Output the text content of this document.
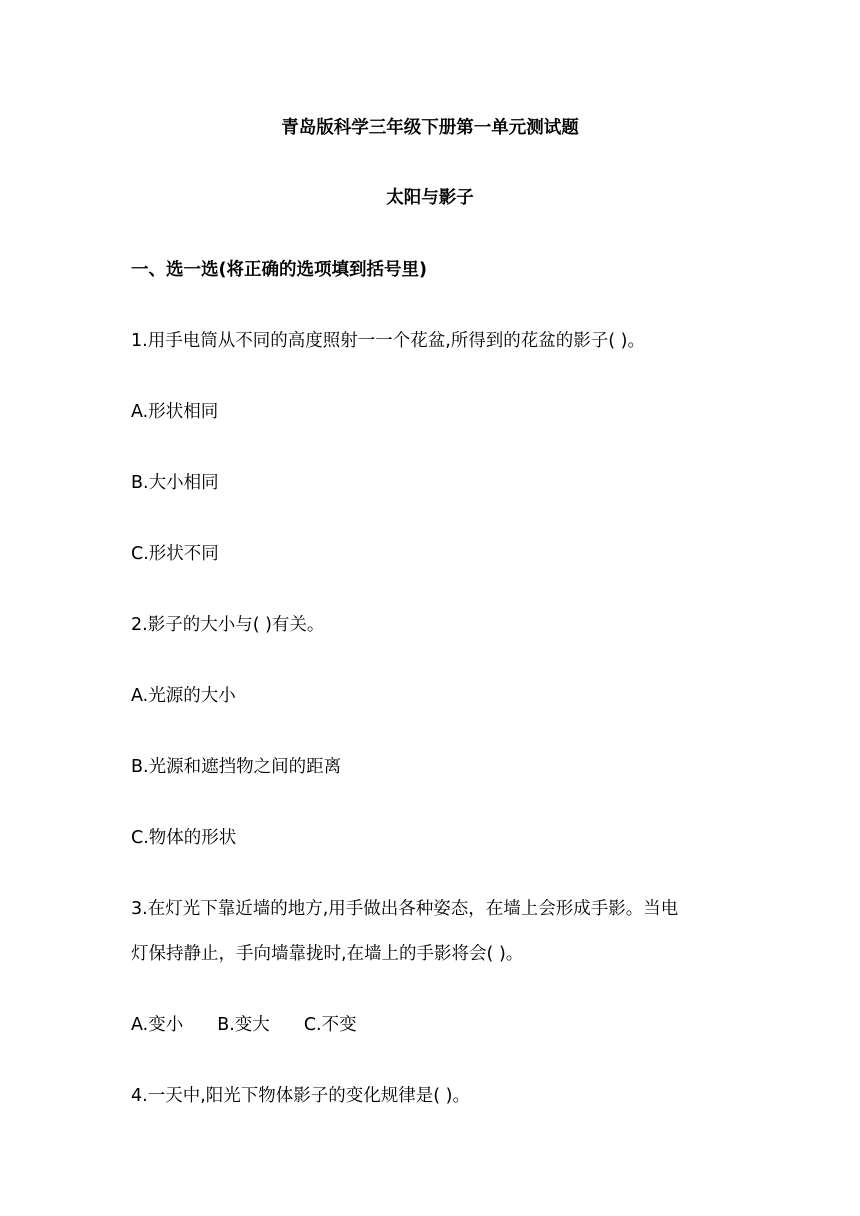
青岛版科学三年级下册第一单元测试题
太阳与影子
一、选一选(将正确的选项填到括号里)
1.用手电筒从不同的高度照射一一个花盆,所得到的花盆的影子( )。
A.形状相同
B.大小相同
C.形状不同
2.影子的大小与( )有关。
A.光源的大小
B.光源和遮挡物之间的距离
C.物体的形状
3.在灯光下靠近墙的地方,用手做出各种姿态，在墙上会形成手影。当电
灯保持静止，手向墙靠拢时,在墙上的手影将会( )。
A.变小 B.变大 C.不变
4.一天中,阳光下物体影子的变化规律是( )。
